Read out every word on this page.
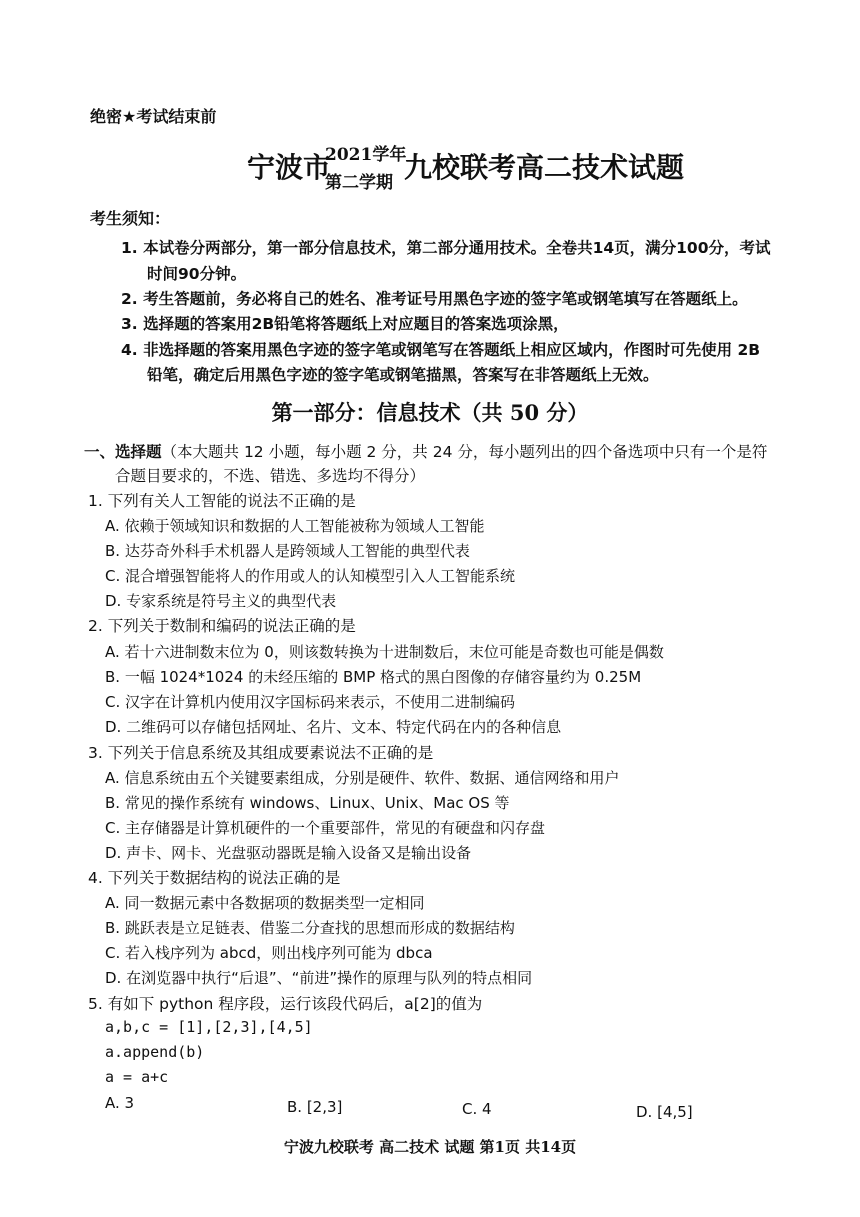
绝密★考试结束前
宁波市
2021学年
第二学期 九校联考高二技术试题
考生须知：
1. 本试卷分两部分，第一部分信息技术，第二部分通用技术。全卷共14页，满分100分，考试
时间90分钟。
2. 考生答题前，务必将自己的姓名、准考证号用黑色字迹的签字笔或钢笔填写在答题纸上。
3. 选择题的答案用2B铅笔将答题纸上对应题目的答案选项涂黑，
4. 非选择题的答案用黑色字迹的签字笔或钢笔写在答题纸上相应区域内，作图时可先使用 2B
铅笔，确定后用黑色字迹的签字笔或钢笔描黑，答案写在非答题纸上无效。
第一部分：信息技术（共 50 分）
一、选择题（本大题共 12 小题，每小题 2 分，共 24 分，每小题列出的四个备选项中只有一个是符
合题目要求的，不选、错选、多选均不得分）
1. 下列有关人工智能的说法不正确的是
A. 依赖于领域知识和数据的人工智能被称为领域人工智能
B. 达芬奇外科手术机器人是跨领域人工智能的典型代表
C. 混合增强智能将人的作用或人的认知模型引入人工智能系统
D. 专家系统是符号主义的典型代表
2. 下列关于数制和编码的说法正确的是
A. 若十六进制数末位为 0，则该数转换为十进制数后，末位可能是奇数也可能是偶数
B. 一幅 1024*1024 的未经压缩的 BMP 格式的黑白图像的存储容量约为 0.25M
C. 汉字在计算机内使用汉字国标码来表示，不使用二进制编码
D. 二维码可以存储包括网址、名片、文本、特定代码在内的各种信息
3. 下列关于信息系统及其组成要素说法不正确的是
A. 信息系统由五个关键要素组成，分别是硬件、软件、数据、通信网络和用户
B. 常见的操作系统有 windows、Linux、Unix、Mac OS 等
C. 主存储器是计算机硬件的一个重要部件，常见的有硬盘和闪存盘
D. 声卡、网卡、光盘驱动器既是输入设备又是输出设备
4. 下列关于数据结构的说法正确的是
A. 同一数据元素中各数据项的数据类型一定相同
B. 跳跃表是立足链表、借鉴二分查找的思想而形成的数据结构
C. 若入栈序列为 abcd，则出栈序列可能为 dbca
D. 在浏览器中执行“后退”、“前进”操作的原理与队列的特点相同
5. 有如下 python 程序段，运行该段代码后，a[2]的值为
a,b,c = [1],[2,3],[4,5]
a.append(b)
a = a+c
A. 3	B. [2,3]	C. 4	D. [4,5]
宁波九校联考 高二技术 试题 第1页 共14页
